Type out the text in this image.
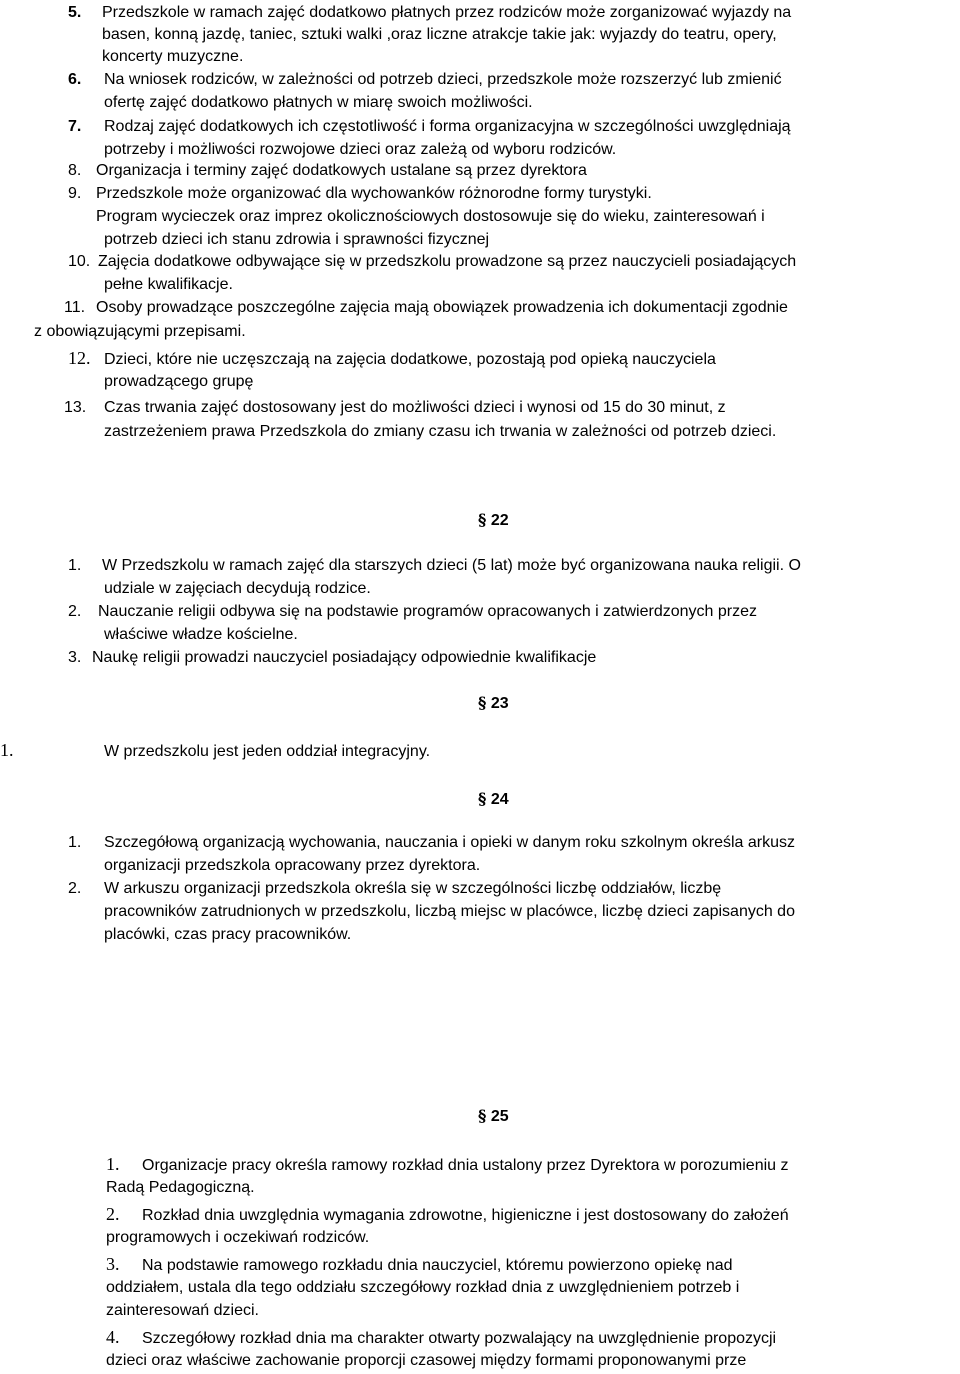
5. Przedszkole w ramach zajęć dodatkowo płatnych przez rodziców może zorganizować wyjazdy na
basen, konną jazdę, taniec, sztuki walki ,oraz liczne atrakcje takie jak: wyjazdy do teatru, opery,
koncerty muzyczne.
6. Na wniosek rodziców, w zależności od potrzeb dzieci, przedszkole może rozszerzyć lub zmienić
ofertę zajęć dodatkowo płatnych w miarę swoich możliwości.
7. Rodzaj zajęć dodatkowych ich częstotliwość i forma organizacyjna w szczególności uwzględniają
potrzeby i możliwości rozwojowe dzieci oraz zależą od wyboru rodziców.
8. Organizacja i terminy zajęć dodatkowych ustalane są przez dyrektora
9. Przedszkole może organizować dla wychowanków różnorodne formy turystyki.
Program wycieczek oraz imprez okolicznościowych dostosowuje się do wieku, zainteresowań i
potrzeb dzieci ich stanu zdrowia i sprawności fizycznej
10. Zajęcia dodatkowe odbywające się w przedszkolu prowadzone są przez nauczycieli posiadających
pełne kwalifikacje.
11. Osoby prowadzące poszczególne zajęcia mają obowiązek prowadzenia ich dokumentacji zgodnie
z obowiązującymi przepisami.
12. Dzieci, które nie uczęszczają na zajęcia dodatkowe, pozostają pod opieką nauczyciela
prowadzącego grupę
13. Czas trwania zajęć dostosowany jest do możliwości dzieci i wynosi od 15 do 30 minut, z
zastrzeżeniem prawa Przedszkola do zmiany czasu ich trwania w zależności od potrzeb dzieci.
§ 22
1. W Przedszkolu w ramach zajęć dla starszych dzieci (5 lat) może być organizowana nauka religii. O
udziale w zajęciach decydują rodzice.
2. Nauczanie religii odbywa się na podstawie programów opracowanych i zatwierdzonych przez
właściwe władze kościelne.
3. Naukę religii prowadzi nauczyciel posiadający odpowiednie kwalifikacje
§ 23
1.	W przedszkolu jest jeden oddział integracyjny.
§ 24
1. Szczegółową organizacją wychowania, nauczania i opieki w danym roku szkolnym określa arkusz
organizacji przedszkola opracowany przez dyrektora.
2. W arkuszu organizacji przedszkola określa się w szczególności liczbę oddziałów, liczbę
pracowników zatrudnionych w przedszkolu, liczbą miejsc w placówce, liczbę dzieci zapisanych do
placówki, czas pracy pracowników.
§ 25
1. Organizacje pracy określa ramowy rozkład dnia ustalony przez Dyrektora w porozumieniu z
Radą Pedagogiczną.
2. Rozkład dnia uwzględnia wymagania zdrowotne, higieniczne i jest dostosowany do założeń
programowych i oczekiwań rodziców.
3. Na podstawie ramowego rozkładu dnia nauczyciel, któremu powierzono opiekę nad
oddziałem, ustala dla tego oddziału szczegółowy rozkład dnia z uwzględnieniem potrzeb i
zainteresowań dzieci.
4. Szczegółowy rozkład dnia ma charakter otwarty pozwalający na uwzględnienie propozycji
dzieci oraz właściwe zachowanie proporcji czasowej między formami proponowanymi prze
